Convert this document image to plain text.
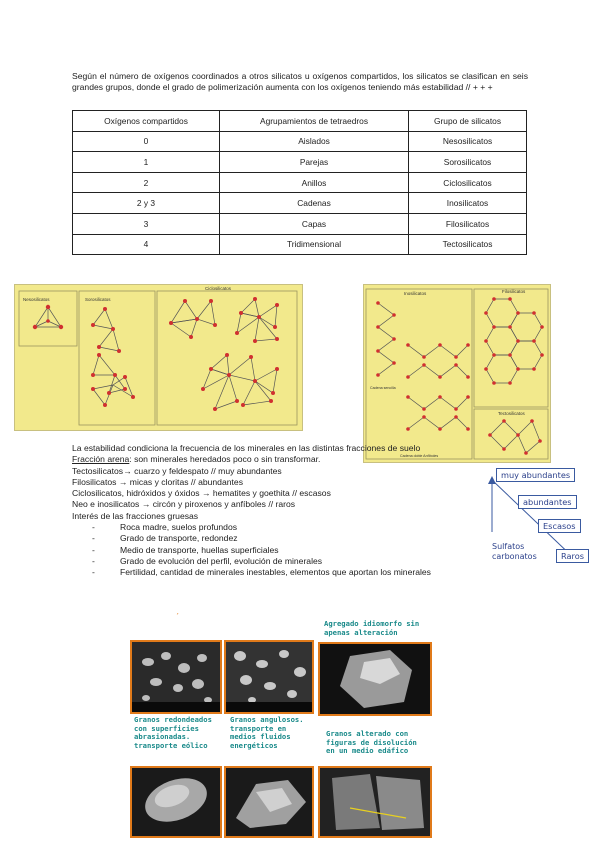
Según el número de oxígenos coordinados a otros silicatos u oxígenos compartidos, los silicatos se clasifican en seis grandes grupos, donde el grado de polimerización aumenta con los oxígenos teniendo más estabilidad // + + +

Oxígenos compartidos	Agrupamientos de tetraedros	Grupo de silicatos
0	Aislados	Nesosilicatos
1	Parejas	Sorosilicatos
2	Anillos	Ciclosilicatos
2 y 3	Cadenas	Inosilicatos
3	Capas	Filosilicatos
4	Tridimensional	Tectosilicatos
Nesosilicatos	Sorosilicatos
Ciclosilicatos
Inosilicatos	Filosilicatos
Tectosilicatos
Cadena sencilla
Cadena doble Anfíboles

La estabilidad condiciona la frecuencia de los minerales en las distintas fracciones de suelo

Fracción arena: son minerales heredados poco o sin transformar.

Tectosilicatos→ cuarzo y feldespato // muy abundantes

Filosilicatos → micas y cloritas // abundantes

Ciclosilicatos, hidróxidos y óxidos → hematites y goethita // escasos

Neo e inosilicatos → circón y piroxenos y anfíboles // raros

Interés de las fracciones gruesas

- Roca madre, suelos profundos
- Grado de transporte, redondez
- Medio de transporte, huellas superficiales
- Grado de evolución del perfil, evolución de minerales
- Fertilidad, cantidad de minerales inestables, elementos que aportan los minerales
muy abundantes
abundantes
Escasos
Raros
Sulfatos carbonatos
ˊ
Agregado idiomorfo sin apenas alteración
Granos redondeados con superficies abrasionadas. transporte eólico
Granos angulosos. transporte en medios fluidos energéticos
Granos alterado con figuras de disolución en un medio edáfico
